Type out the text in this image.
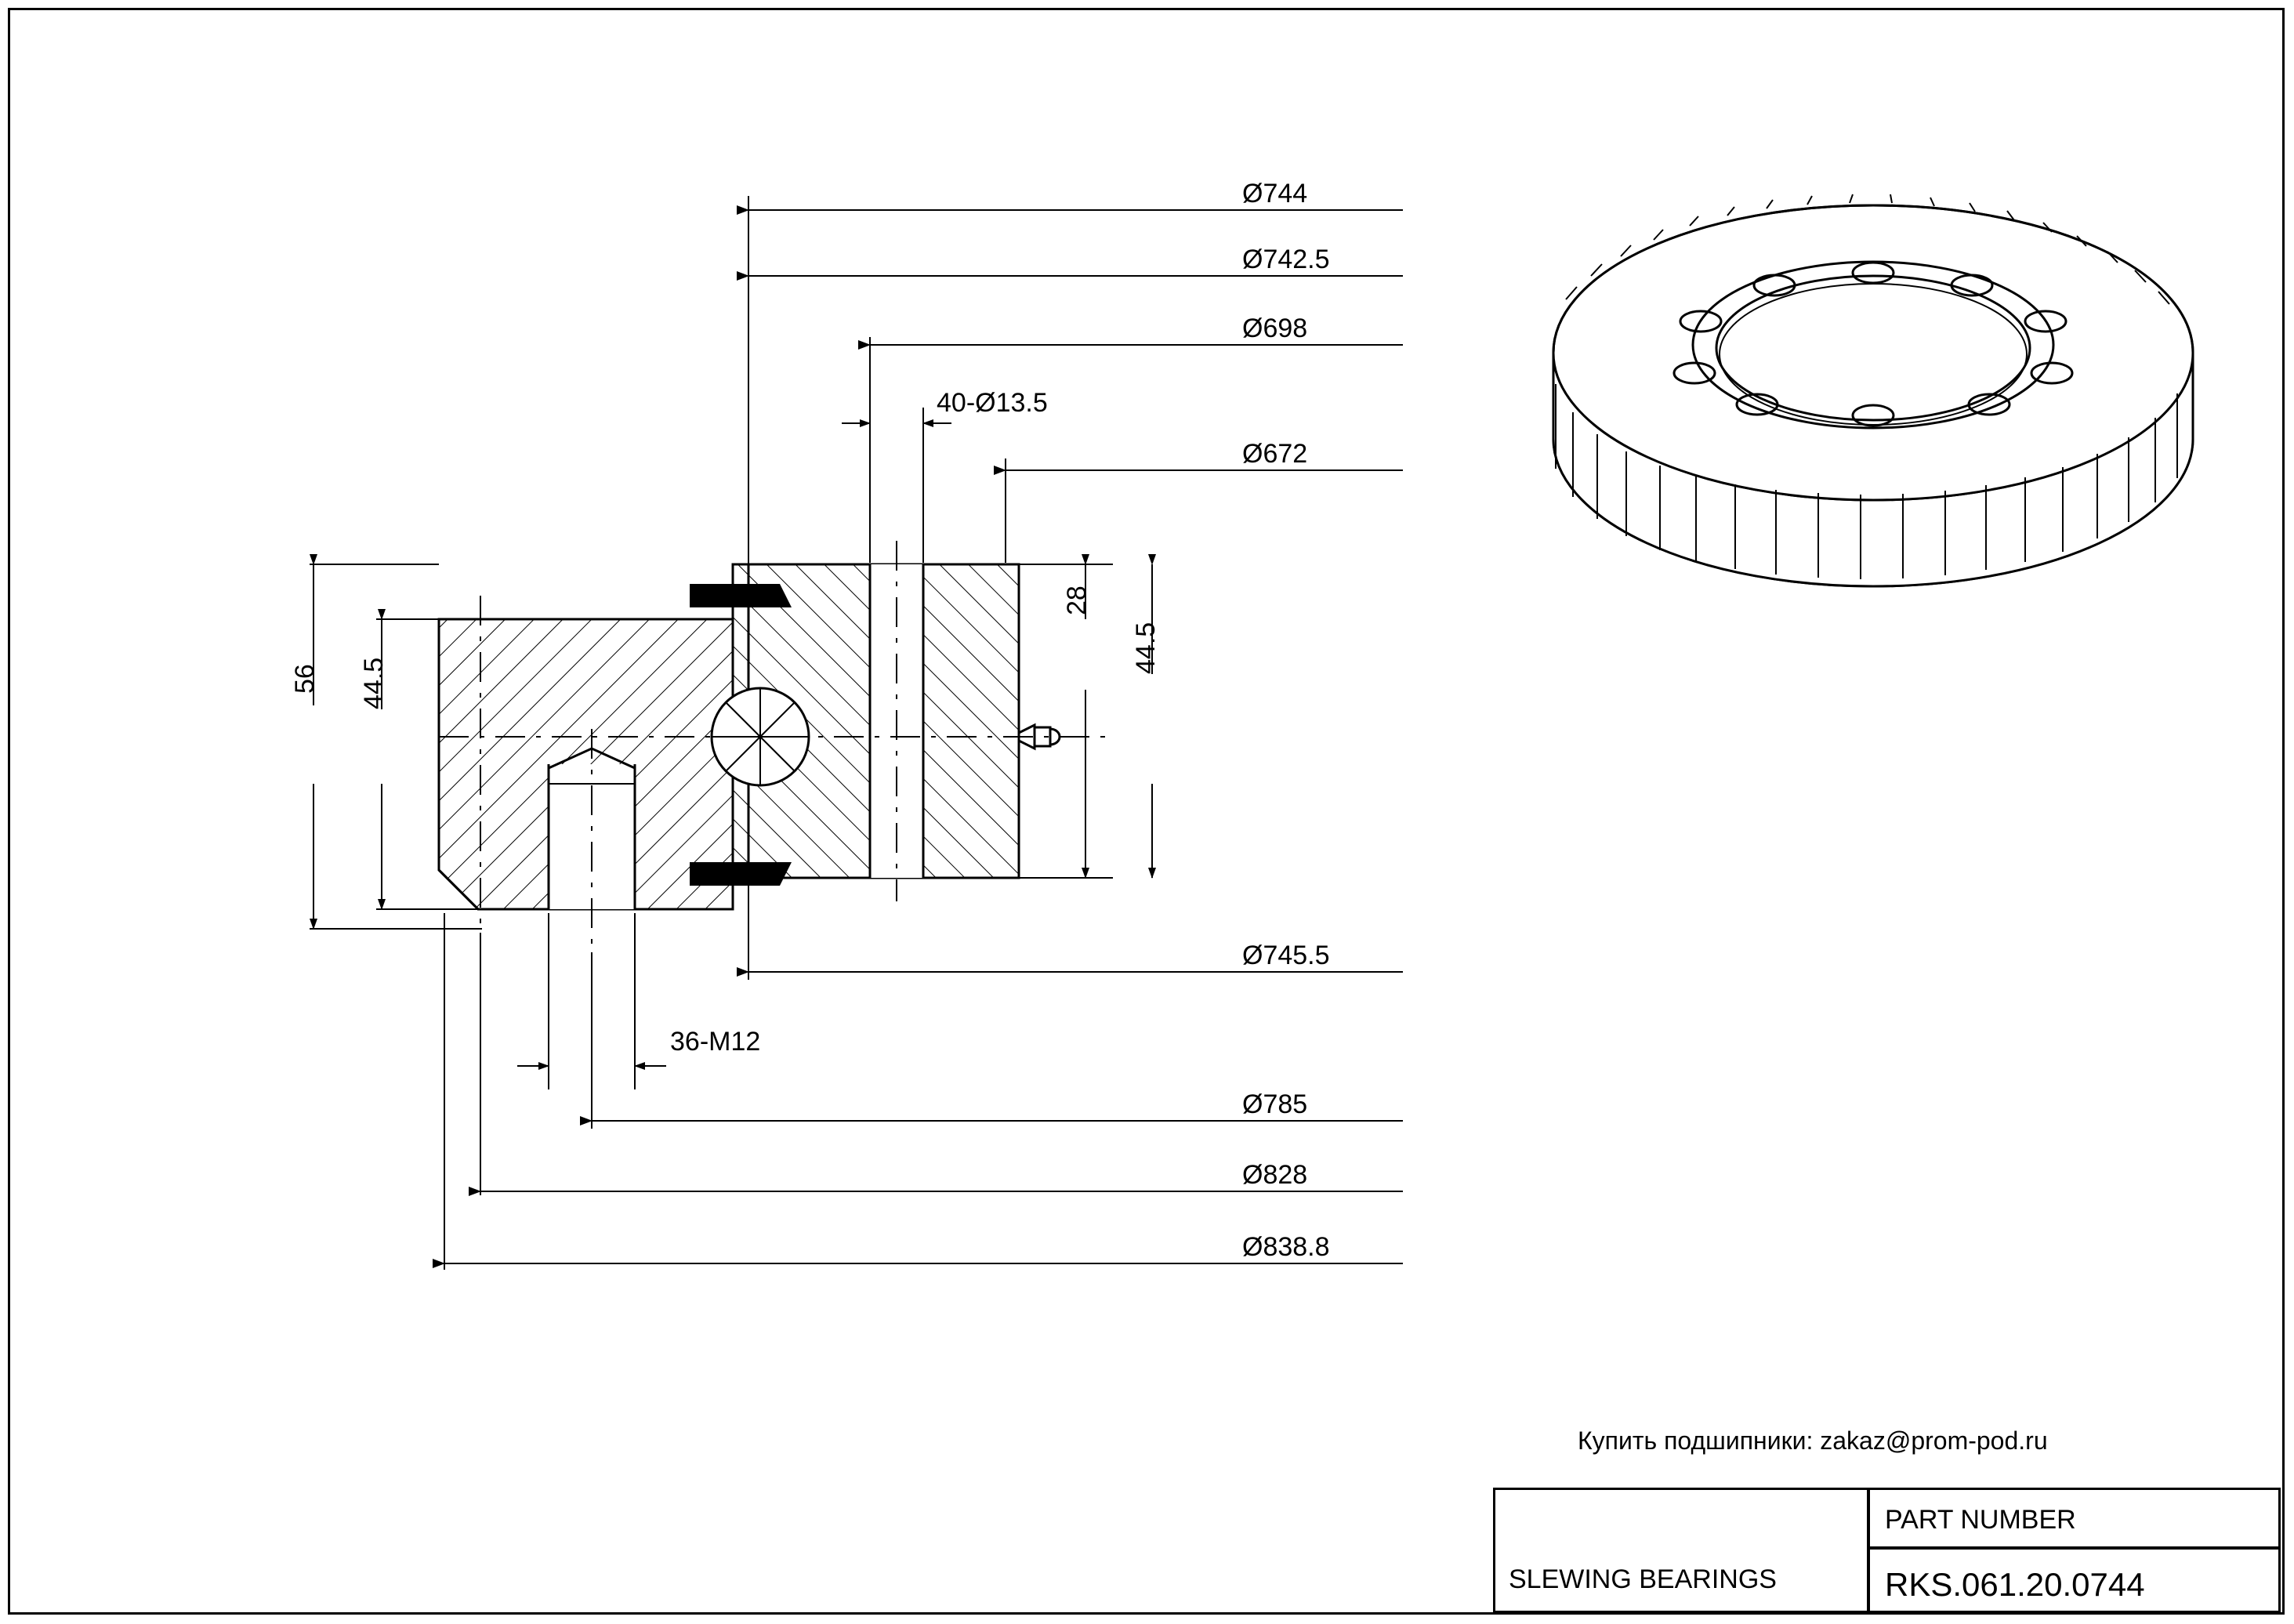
Ø744
Ø742.5
Ø698
40-Ø13.5
Ø672
28
44.5
56 44.5
36-M12
Ø745.5
Ø785
Ø828
Ø838.8
Купить подшипники: zakaz@prom-pod.ru
SLEWING BEARINGS
PART NUMBER
RKS.061.20.0744
